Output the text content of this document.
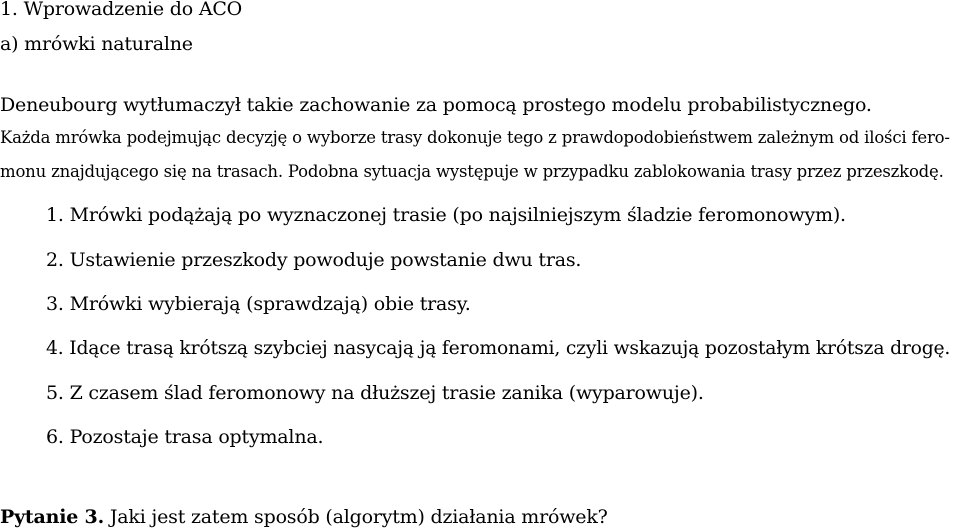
1. Wprowadzenie do ACO
a) mrówki naturalne
Deneubourg wytłumaczył takie zachowanie za pomocą prostego modelu probabilistycznego.
Każda mrówka podejmując decyzję o wyborze trasy dokonuje tego z prawdopodobieństwem zależnym od ilości fero-
monu znajdującego się na trasach. Podobna sytuacja występuje w przypadku zablokowania trasy przez przeszkodę.
1. Mrówki podążają po wyznaczonej trasie (po najsilniejszym śladzie feromonowym).
2. Ustawienie przeszkody powoduje powstanie dwu tras.
3. Mrówki wybierają (sprawdzają) obie trasy.
4. Idące trasą krótszą szybciej nasycają ją feromonami, czyli wskazują pozostałym krótsza drogę.
5. Z czasem ślad feromonowy na dłuższej trasie zanika (wyparowuje).
6. Pozostaje trasa optymalna.
Pytanie 3. Jaki jest zatem sposób (algorytm) działania mrówek?
